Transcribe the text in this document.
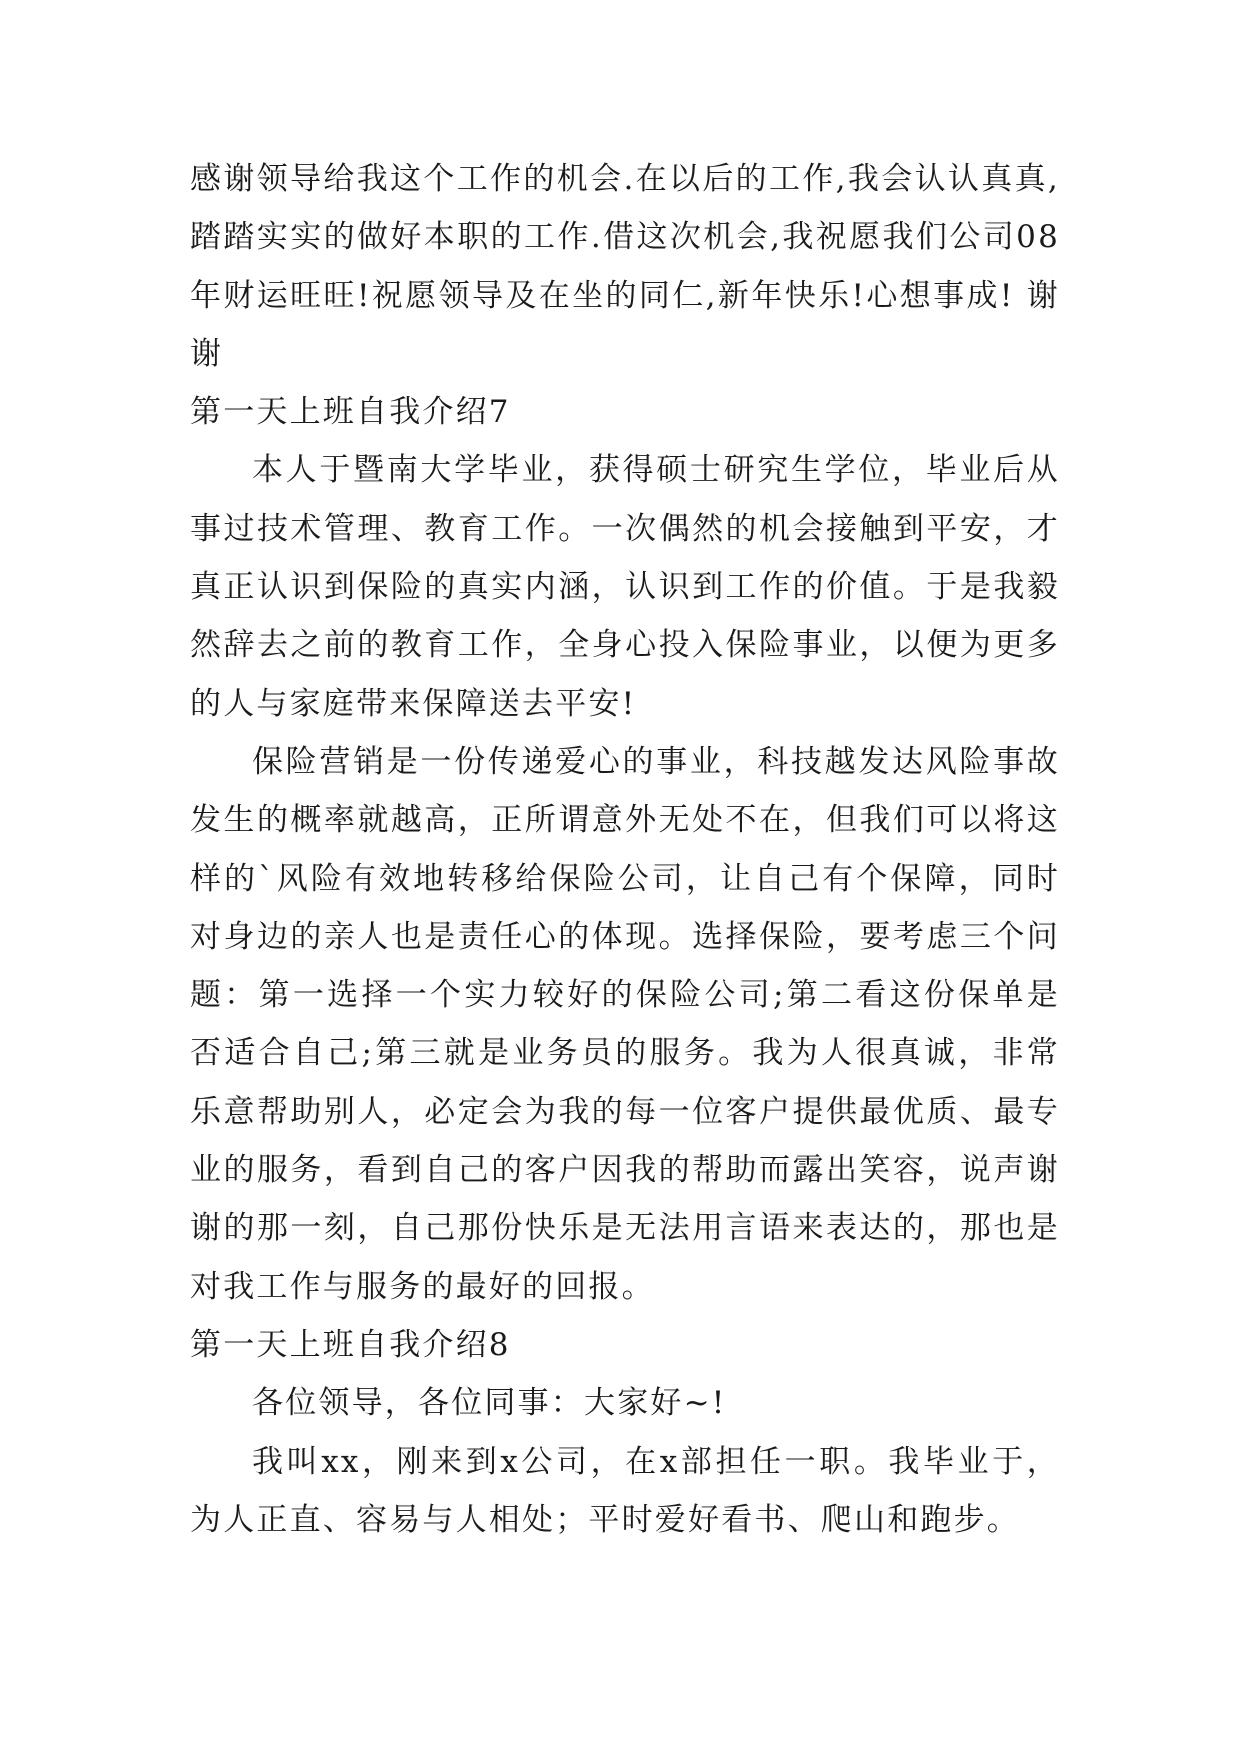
感谢领导给我这个工作的机会.在以后的工作,我会认认真真,踏踏实实的做好本职的工作.借这次机会,我祝愿我们公司08年财运旺旺!祝愿领导及在坐的同仁,新年快乐!心想事成! 谢谢

第一天上班自我介绍7

本人于暨南大学毕业，获得硕士研究生学位，毕业后从事过技术管理、教育工作。一次偶然的机会接触到平安，才真正认识到保险的真实内涵，认识到工作的价值。于是我毅然辞去之前的教育工作，全身心投入保险事业，以便为更多的人与家庭带来保障送去平安!

保险营销是一份传递爱心的事业，科技越发达风险事故发生的概率就越高，正所谓意外无处不在，但我们可以将这样的`风险有效地转移给保险公司，让自己有个保障，同时对身边的亲人也是责任心的体现。选择保险，要考虑三个问题：第一选择一个实力较好的保险公司;第二看这份保单是否适合自己;第三就是业务员的服务。我为人很真诚，非常乐意帮助别人，必定会为我的每一位客户提供最优质、最专业的服务，看到自己的客户因我的帮助而露出笑容，说声谢谢的那一刻，自己那份快乐是无法用言语来表达的，那也是对我工作与服务的最好的回报。

第一天上班自我介绍8

各位领导，各位同事：大家好~!

我叫xx，刚来到x公司，在x部担任一职。我毕业于，为人正直、容易与人相处；平时爱好看书、爬山和跑步。
